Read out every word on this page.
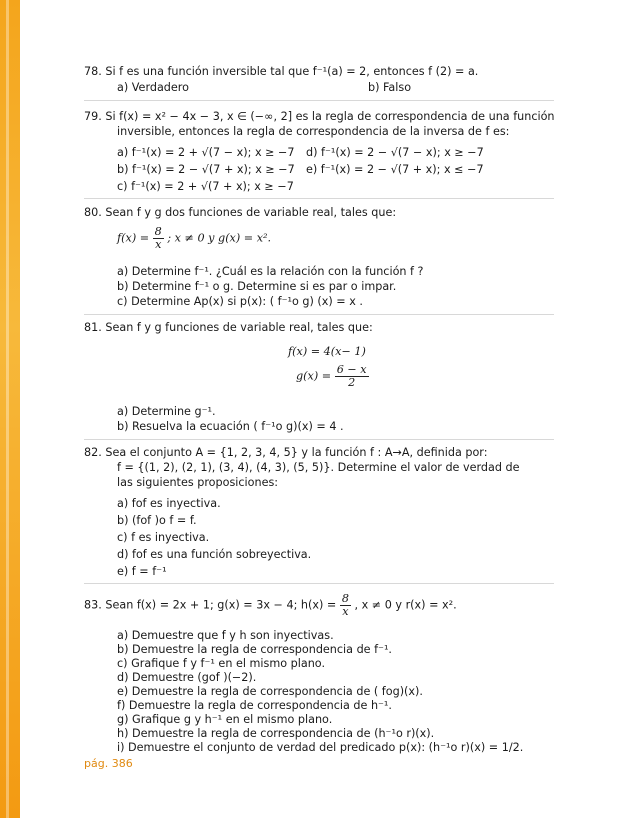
78. Si f es una función inversible tal que f⁻¹(a) = 2, entonces f (2) = a.
a) Verdadero	b) Falso
79. Si f(x) = x² − 4x − 3, x ∈ (−∞, 2] es la regla de correspondencia de una función
inversible, entonces la regla de correspondencia de la inversa de f es:
a) f⁻¹(x) = 2 + √(7 − x); x ≥ −7 d) f⁻¹(x) = 2 − √(7 − x); x ≥ −7
b) f⁻¹(x) = 2 − √(7 + x); x ≥ −7 e) f⁻¹(x) = 2 − √(7 + x); x ≤ −7
c) f⁻¹(x) = 2 + √(7 + x); x ≥ −7
80. Sean f y g dos funciones de variable real, tales que:
$f(x) = \frac{8}{x}$ ; x ≠ 0 y g(x) = x².
a) Determine f⁻¹. ¿Cuál es la relación con la función f ?
b) Determine f⁻¹ o g. Determine si es par o impar.
c) Determine Ap(x) si p(x): ( f⁻¹o g) (x) = x .
81. Sean f y g funciones de variable real, tales que:
f(x) = 4(x− 1)
$g(x) = \frac{6 - x}{2}$
a) Determine g⁻¹.
b) Resuelva la ecuación ( f⁻¹o g)(x) = 4 .
82. Sea el conjunto A = {1, 2, 3, 4, 5} y la función f : A→A, definida por:
f = {(1, 2), (2, 1), (3, 4), (4, 3), (5, 5)}. Determine el valor de verdad de
las siguientes proposiciones:
a) fof es inyectiva.
b) (fof )o f = f.
c) f es inyectiva.
d) fof es una función sobreyectiva.
e) f = f⁻¹
83. Sean f(x) = 2x + 1; g(x) = 3x − 4; $h(x) = \frac{8}{x}$ , x ≠ 0 y r(x) = x².
a) Demuestre que f y h son inyectivas.
b) Demuestre la regla de correspondencia de f⁻¹.
c) Grafique f y f⁻¹ en el mismo plano.
d) Demuestre (gof )(−2).
e) Demuestre la regla de correspondencia de ( fog)(x).
f) Demuestre la regla de correspondencia de h⁻¹.
g) Grafique g y h⁻¹ en el mismo plano.
h) Demuestre la regla de correspondencia de (h⁻¹o r)(x).
i) Demuestre el conjunto de verdad del predicado p(x): (h⁻¹o r)(x) = 1/2.
pág. 386
